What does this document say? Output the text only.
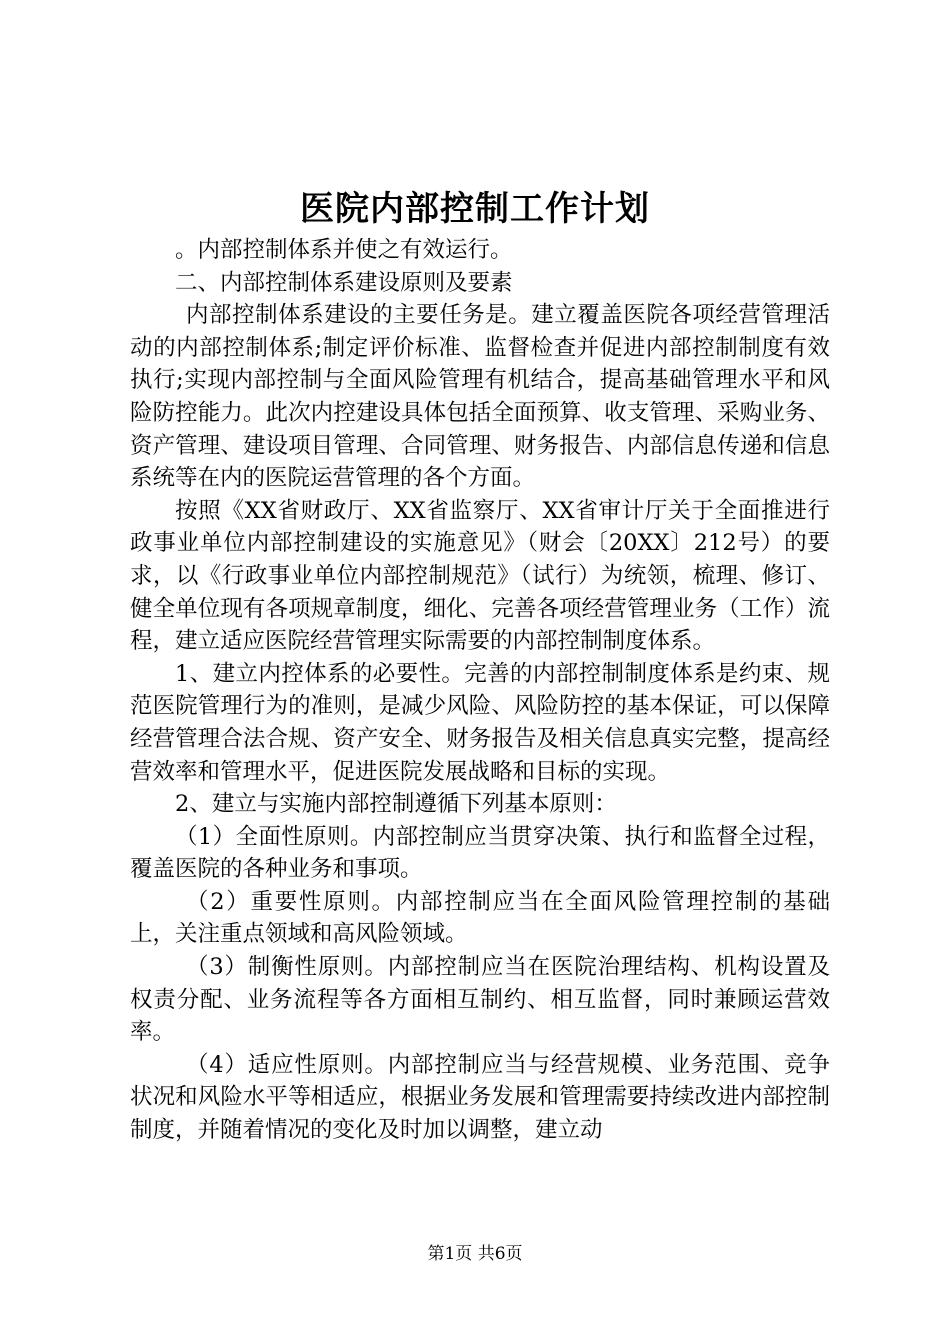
医院内部控制工作计划

。内部控制体系并使之有效运行。

二、内部控制体系建设原则及要素

内部控制体系建设的主要任务是。建立覆盖医院各项经营管理活动的内部控制体系;制定评价标准、监督检查并促进内部控制制度有效执行;实现内部控制与全面风险管理有机结合，提高基础管理水平和风险防控能力。此次内控建设具体包括全面预算、收支管理、采购业务、资产管理、建设项目管理、合同管理、财务报告、内部信息传递和信息系统等在内的医院运营管理的各个方面。

按照《XX省财政厅、XX省监察厅、XX省审计厅关于全面推进行政事业单位内部控制建设的实施意见》（财会〔20XX〕212号）的要求，以《行政事业单位内部控制规范》（试行）为统领，梳理、修订、健全单位现有各项规章制度，细化、完善各项经营管理业务（工作）流程，建立适应医院经营管理实际需要的内部控制制度体系。

1、建立内控体系的必要性。完善的内部控制制度体系是约束、规范医院管理行为的准则，是减少风险、风险防控的基本保证，可以保障经营管理合法合规、资产安全、财务报告及相关信息真实完整，提高经营效率和管理水平，促进医院发展战略和目标的实现。

2、建立与实施内部控制遵循下列基本原则：

（1）全面性原则。内部控制应当贯穿决策、执行和监督全过程，覆盖医院的各种业务和事项。

（2）重要性原则。内部控制应当在全面风险管理控制的基础上，关注重点领域和高风险领域。

（3）制衡性原则。内部控制应当在医院治理结构、机构设置及权责分配、业务流程等各方面相互制约、相互监督，同时兼顾运营效率。

（4）适应性原则。内部控制应当与经营规模、业务范围、竞争状况和风险水平等相适应，根据业务发展和管理需要持续改进内部控制制度，并随着情况的变化及时加以调整，建立动

第1页 共6页
